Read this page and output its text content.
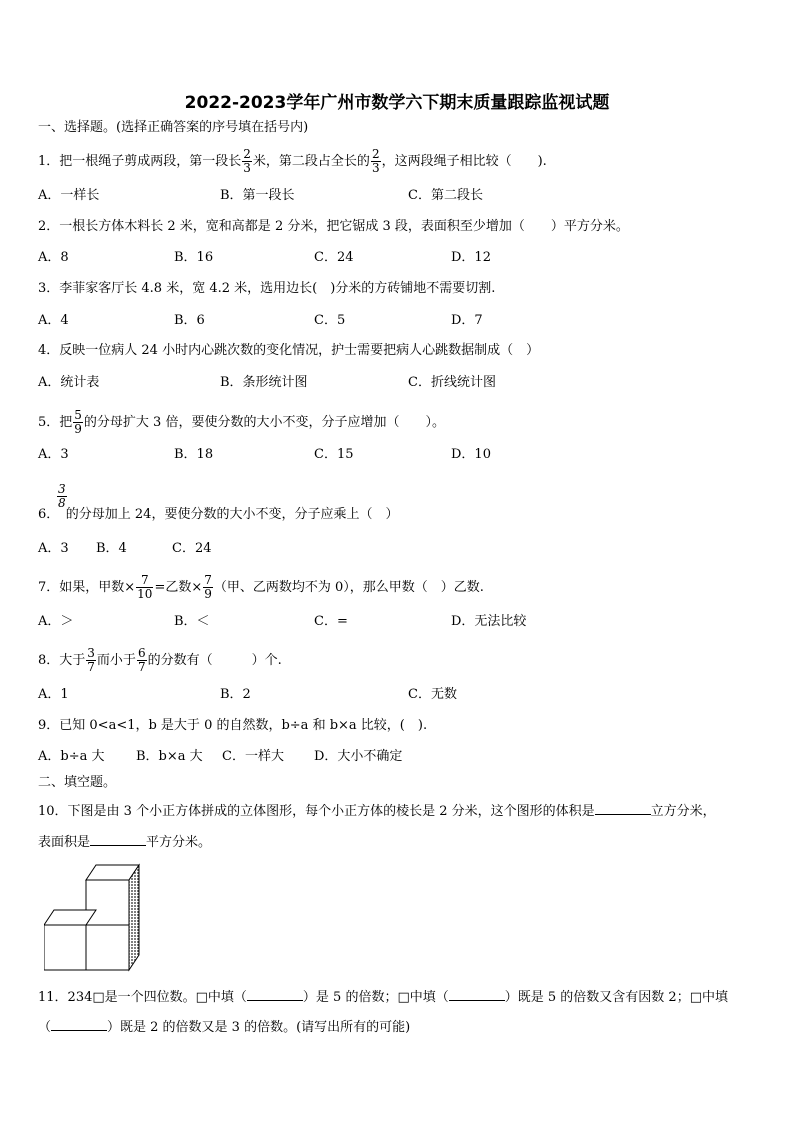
2022-2023学年广州市数学六下期末质量跟踪监视试题
一、选择题。(选择正确答案的序号填在括号内)
1．把一根绳子剪成两段，第一段长 $\frac{2}{3}$ 米，第二段占全长的 $\frac{2}{3}$ ，这两段绳子相比较（　　).
A．一样长	B．第一段长	C．第二段长
2．一根长方体木料长 2 米，宽和高都是 2 分米，把它锯成 3 段，表面积至少增加（　　）平方分米。
A．8	B．16	C．24	D．12
3．李菲家客厅长 4.8 米，宽 4.2 米，选用边长(　)分米的方砖铺地不需要切割.
A．4	B．6	C．5	D．7
4．反映一位病人 24 小时内心跳次数的变化情况，护士需要把病人心跳数据制成（　）
A．统计表	B．条形统计图	C．折线统计图
5．把 $\frac{5}{9}$ 的分母扩大 3 倍，要使分数的大小不变，分子应增加（　　）。
A．3	B．18	C．15	D．10
$\frac{3}{8}$
6．　的分母加上 24，要使分数的大小不变，分子应乘上（　）
A．3 B．4	C．24
7．如果，甲数× $\frac{7}{10}$ =乙数× $\frac{7}{9}$ （甲、乙两数均不为 0），那么甲数（　）乙数.
A．＞	B．＜	C．=	D．无法比较
8．大于 $\frac{3}{7}$ 而小于 $\frac{6}{7}$ 的分数有（　　　）个.
A．1	B．2	C．无数
9．已知 0<a<1，b 是大于 0 的自然数，b÷a 和 b×a 比较，(　).
A．b÷a 大 B．b×a 大 C．一样大 D．大小不确定
二、填空题。
10．下图是由 3 个小正方体拼成的立体图形，每个小正方体的棱长是 2 分米，这个图形的体积是	立方分米，
表面积是	平方分米。
11．234□是一个四位数。□中填（	）是 5 的倍数；□中填（	）既是 5 的倍数又含有因数 2；□中填
（	）既是 2 的倍数又是 3 的倍数。(请写出所有的可能)
